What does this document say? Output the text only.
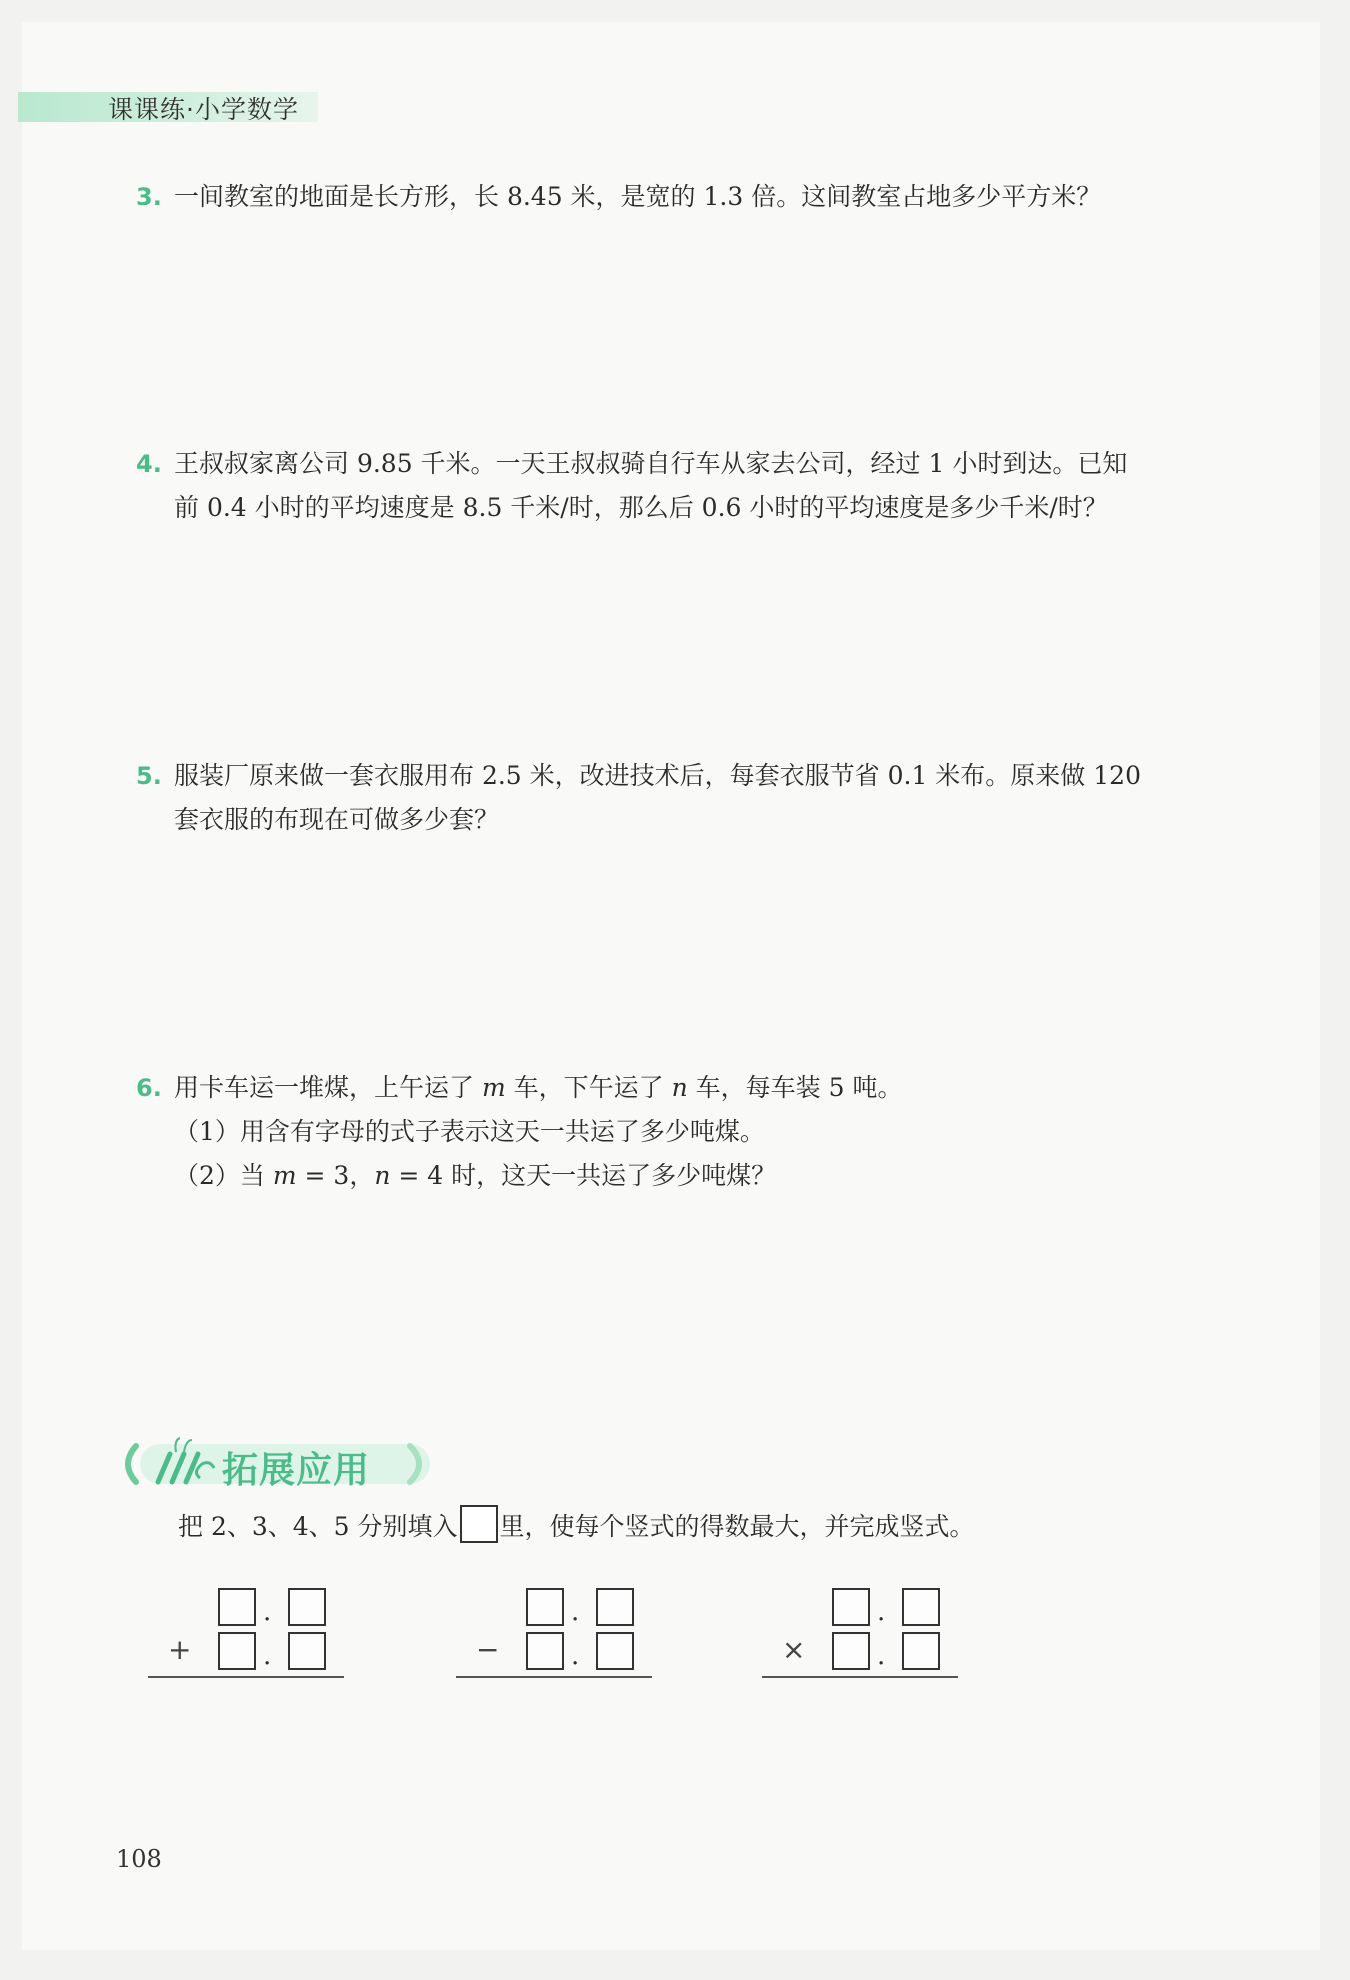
课课练·小学数学
3. 一间教室的地面是长方形，长 8.45 米，是宽的 1.3 倍。这间教室占地多少平方米？
4. 王叔叔家离公司 9.85 千米。一天王叔叔骑自行车从家去公司，经过 1 小时到达。已知
前 0.4 小时的平均速度是 8.5 千米/时，那么后 0.6 小时的平均速度是多少千米/时？
5. 服装厂原来做一套衣服用布 2.5 米，改进技术后，每套衣服节省 0.1 米布。原来做 120
套衣服的布现在可做多少套？
6. 用卡车运一堆煤，上午运了 m 车，下午运了 n 车，每车装 5 吨。
（1）用含有字母的式子表示这天一共运了多少吨煤。
（2）当 m = 3，n = 4 时，这天一共运了多少吨煤？
拓展应用
把 2、3、4、5 分别填入 里，使每个竖式的得数最大，并完成竖式。
.
+	.
.
−	.
.
×	.
108
